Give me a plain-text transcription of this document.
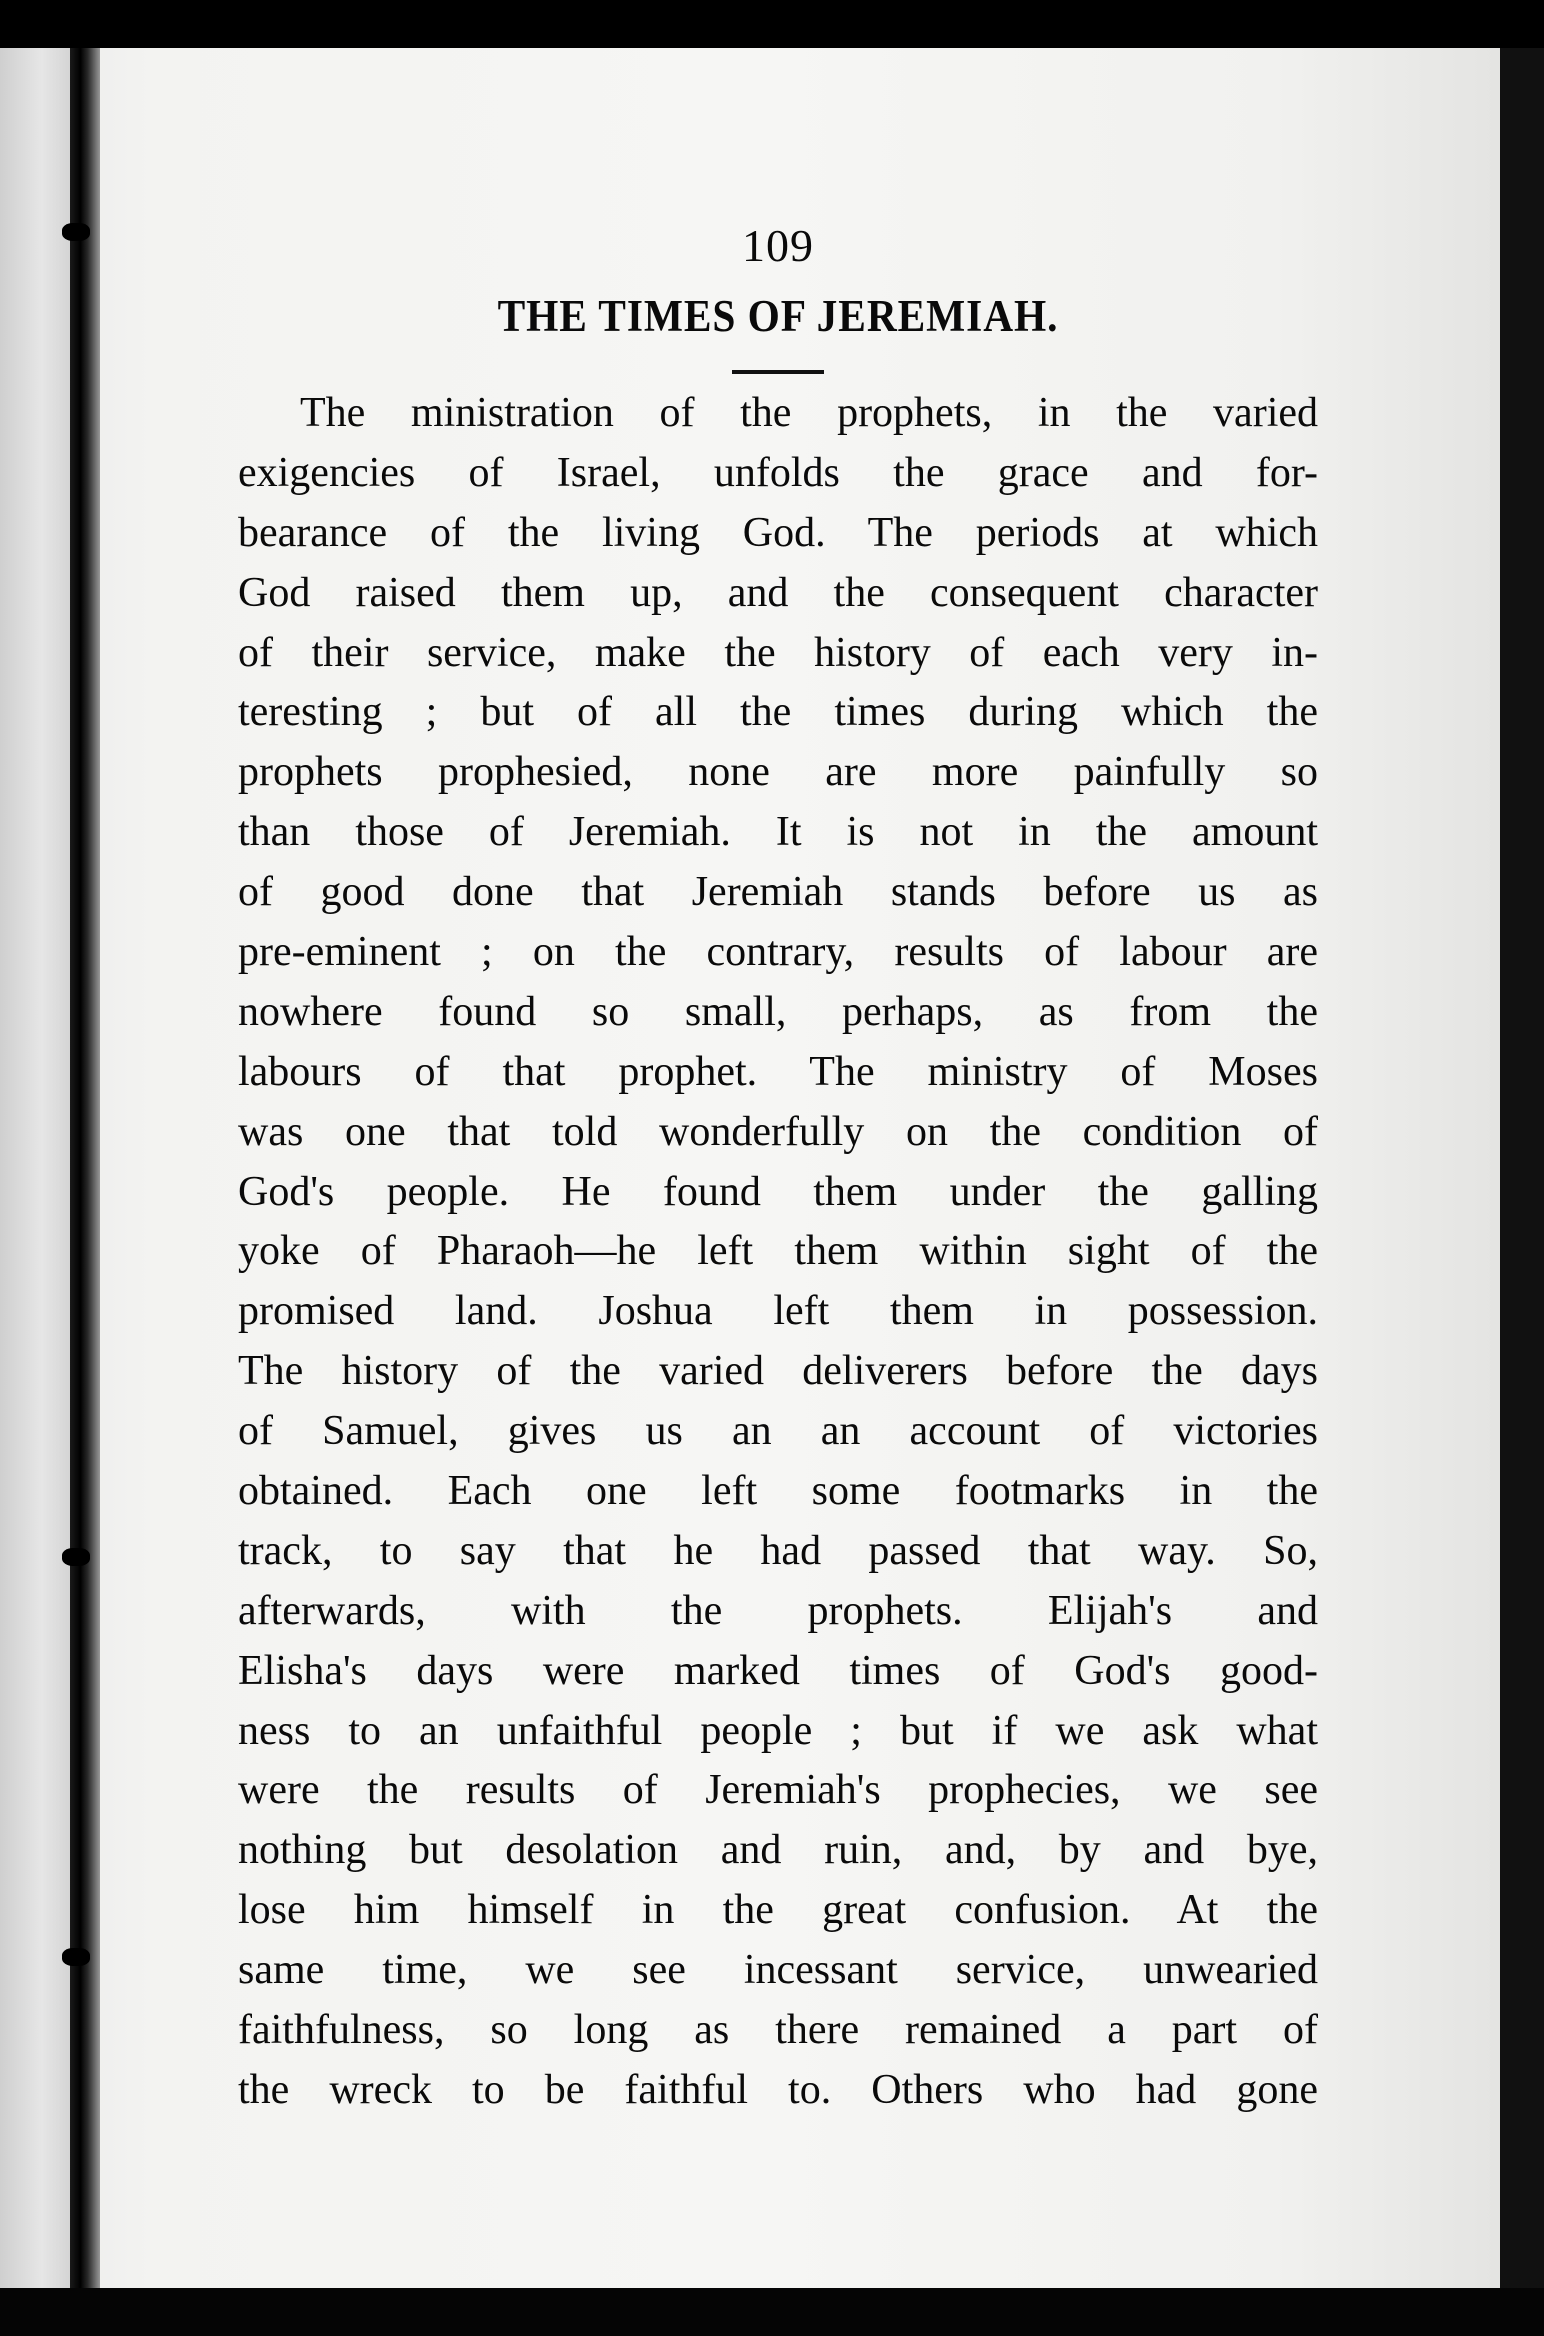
109
THE TIMES OF JEREMIAH.
The ministration of the prophets, in the varied
exigencies of Israel, unfolds the grace and for-
bearance of the living God. The periods at which
God raised them up, and the consequent character
of their service, make the history of each very in-
teresting ; but of all the times during which the
prophets prophesied, none are more painfully so
than those of Jeremiah. It is not in the amount
of good done that Jeremiah stands before us as
pre-eminent ; on the contrary, results of labour are
nowhere found so small, perhaps, as from the
labours of that prophet. The ministry of Moses
was one that told wonderfully on the condition of
God's people. He found them under the galling
yoke of Pharaoh—he left them within sight of the
promised land. Joshua left them in possession.
The history of the varied deliverers before the days
of Samuel, gives us an an account of victories
obtained. Each one left some footmarks in the
track, to say that he had passed that way. So,
afterwards, with the prophets. Elijah's and
Elisha's days were marked times of God's good-
ness to an unfaithful people ; but if we ask what
were the results of Jeremiah's prophecies, we see
nothing but desolation and ruin, and, by and bye,
lose him himself in the great confusion. At the
same time, we see incessant service, unwearied
faithfulness, so long as there remained a part of
the wreck to be faithful to. Others who had gone
